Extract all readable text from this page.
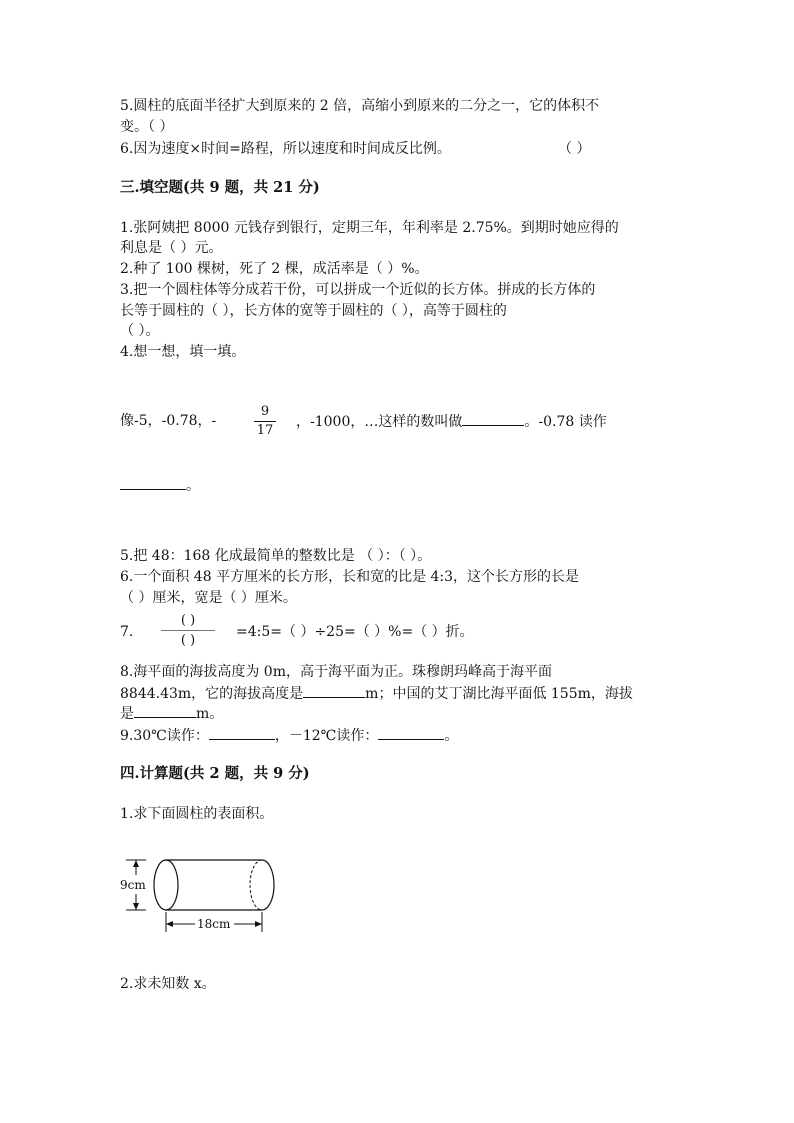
5.圆柱的底面半径扩大到原来的 2 倍，高缩小到原来的二分之一，它的体积不
变。（ ）
6.因为速度×时间=路程，所以速度和时间成反比例。	（ ）
三.填空题(共 9 题，共 21 分)
1.张阿姨把 8000 元钱存到银行，定期三年，年利率是 2.75%。到期时她应得的
利息是（ ）元。
2.种了 100 棵树，死了 2 棵，成活率是（ ）%。
3.把一个圆柱体等分成若干份，可以拼成一个近似的长方体。拼成的长方体的
长等于圆柱的（ ），长方体的宽等于圆柱的（ ），高等于圆柱的
（ ）。
4.想一想，填一填。
像-5，-0.78，-
9
17
，-1000，…这样的数叫做	。-0.78 读作
。
5.把 48：168 化成最简单的整数比是 （ ）：（ ）。
6.一个面积 48 平方厘米的长方形，长和宽的比是 4:3，这个长方形的长是
（ ）厘米，宽是（ ）厘米。
7.
( )
( )
=4:5=（ ）÷25=（ ）%=（ ）折。
8.海平面的海拔高度为 0m，高于海平面为正。珠穆朗玛峰高于海平面
8844.43m，它的海拔高度是	m；中国的艾丁湖比海平面低 155m，海拔
是	m。
9.30℃读作：	，－12℃读作：	。
四.计算题(共 2 题，共 9 分)
1.求下面圆柱的表面积。
9cm
18cm
2.求未知数 x。
